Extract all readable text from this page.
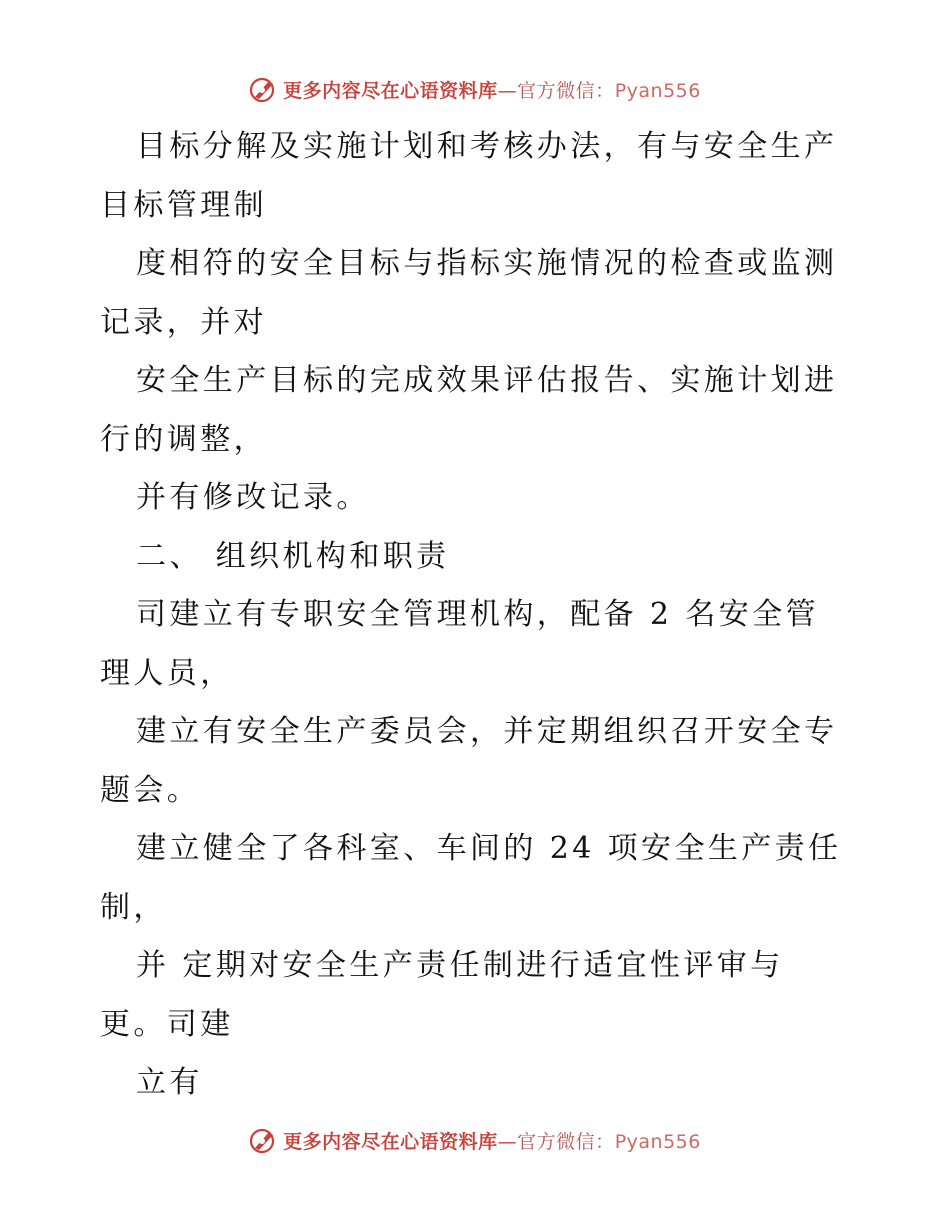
更多内容尽在心语资料库—官方微信：Pyan556
目标分解及实施计划和考核办法，有与安全生产
目标管理制
度相符的安全目标与指标实施情况的检查或监测
记录，并对
安全生产目标的完成效果评估报告、实施计划进
行的调整，
并有修改记录。
二、 组织机构和职责
司建立有专职安全管理机构，配备 2 名安全管
理人员，
建立有安全生产委员会，并定期组织召开安全专
题会。
建立健全了各科室、车间的 24 项安全生产责任
制，
并 定期对安全生产责任制进行适宜性评审与
更。司建
立有
更多内容尽在心语资料库—官方微信：Pyan556
